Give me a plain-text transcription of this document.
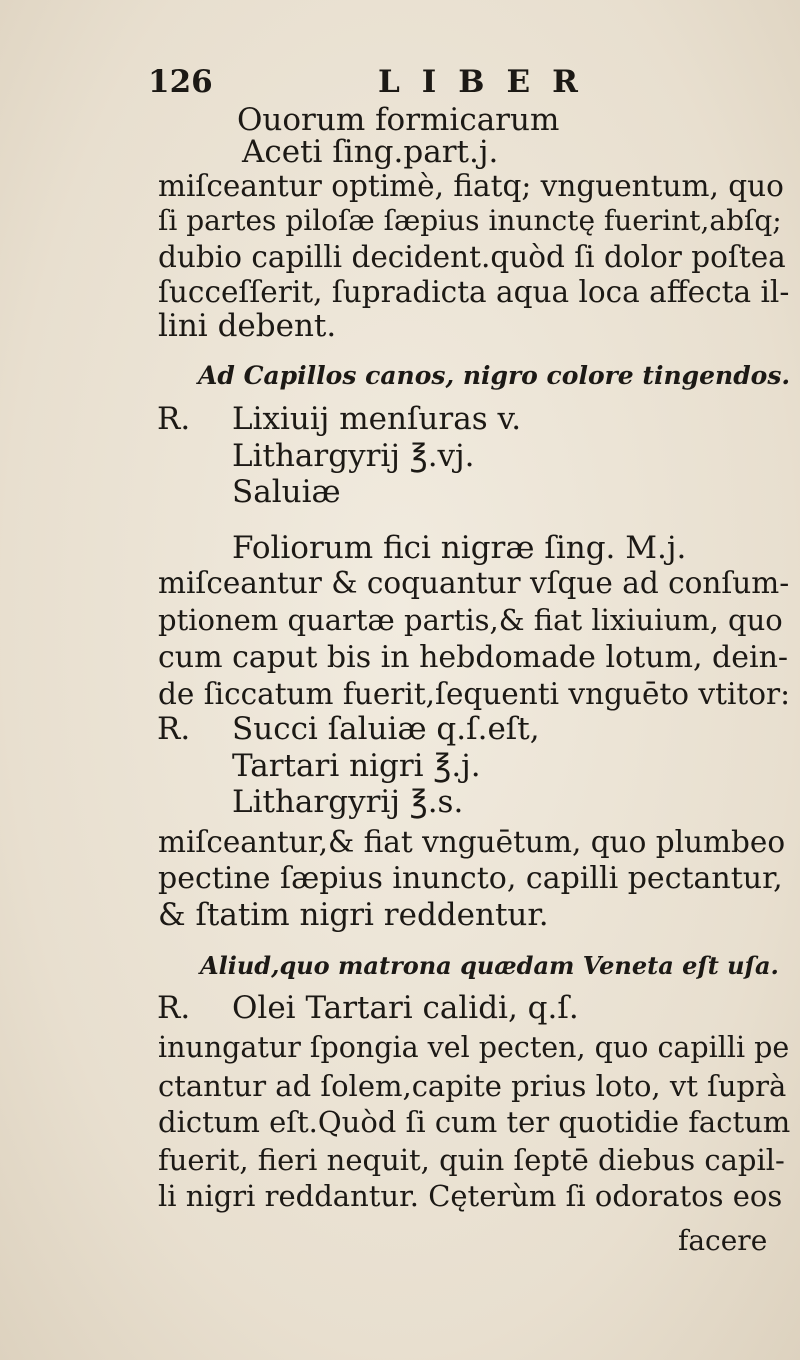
126	LIBER
Ouorum formicarum
Aceti ſing.part.j.
miſceantur optimè, fiatq; vnguentum, quo
ſi partes piloſæ ſæpius inunctę fuerint,abſq;
dubio capilli decident.quòd ſi dolor poſtea
ſucceſſerit, ſupradicta aqua loca affecta il-
lini debent.
Ad Capillos canos, nigro colore tingendos.
R. Lixiuij menſuras v.
Lithargyrij ℥.vj.
Saluiæ
Foliorum fici nigræ ſing. M.j.
miſceantur & coquantur vſque ad conſum-
ptionem quartæ partis,& fiat lixiuium, quo
cum caput bis in hebdomade lotum, dein-
de ſiccatum fuerit,ſequenti vnguēto vtitor:
R. Succi ſaluiæ q.ſ.eſt,
Tartari nigri ℥.j.
Lithargyrij ℥.s.
miſceantur,& fiat vnguētum, quo plumbeo
pectine ſæpius inuncto, capilli pectantur,
& ſtatim nigri reddentur.
Aliud,quo matrona quædam Veneta eſt uſa.
R. Olei Tartari calidi, q.ſ.
inungatur ſpongia vel pecten, quo capilli pe
ctantur ad ſolem,capite prius loto, vt ſuprà
dictum eſt.Quòd ſi cum ter quotidie factum
fuerit, fieri nequit, quin ſeptē diebus capil-
li nigri reddantur. Cęterùm ſi odoratos eos
facere
